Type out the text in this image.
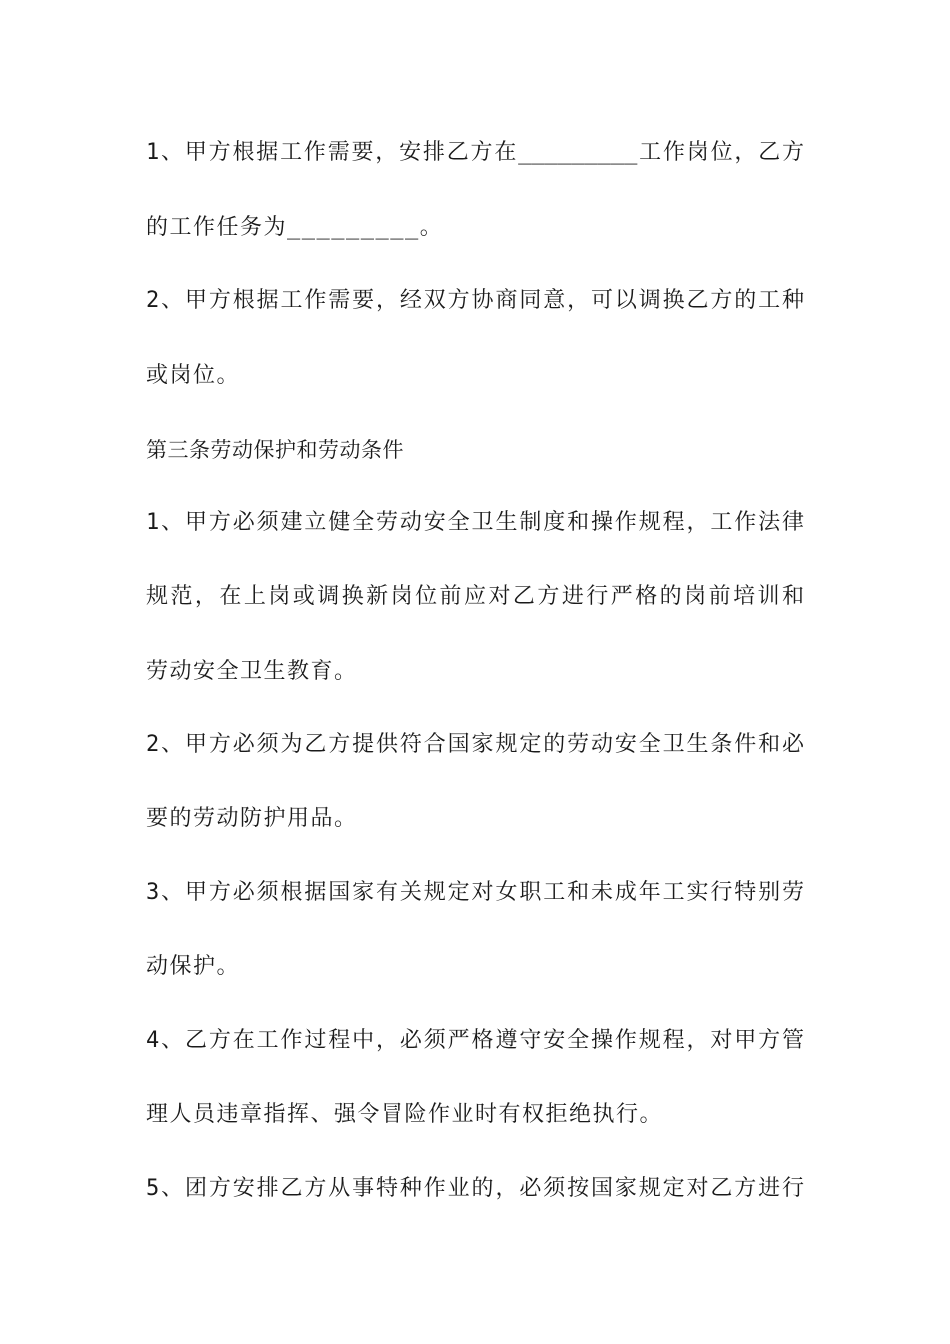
1、甲方根据工作需要，安排乙方在_________工作岗位，乙方
的工作任务为_________。
2、甲方根据工作需要，经双方协商同意，可以调换乙方的工种
或岗位。
第三条劳动保护和劳动条件
1、甲方必须建立健全劳动安全卫生制度和操作规程，工作法律
规范，在上岗或调换新岗位前应对乙方进行严格的岗前培训和
劳动安全卫生教育。
2、甲方必须为乙方提供符合国家规定的劳动安全卫生条件和必
要的劳动防护用品。
3、甲方必须根据国家有关规定对女职工和未成年工实行特别劳
动保护。
4、乙方在工作过程中，必须严格遵守安全操作规程，对甲方管
理人员违章指挥、强令冒险作业时有权拒绝执行。
5、团方安排乙方从事特种作业的，必须按国家规定对乙方进行
